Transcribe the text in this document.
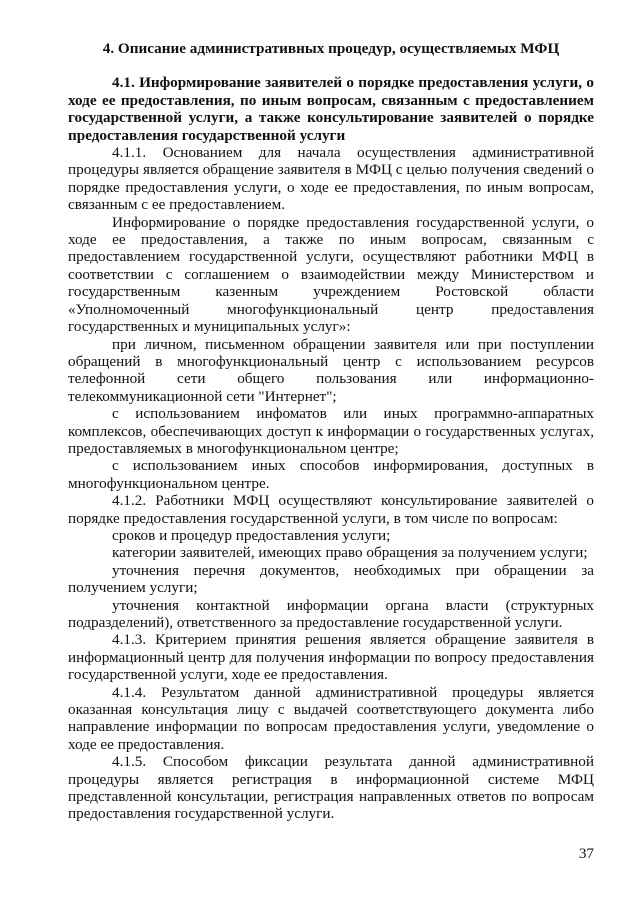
4. Описание административных процедур, осуществляемых МФЦ
4.1. Информирование заявителей о порядке предоставления услуги, о ходе ее предоставления, по иным вопросам, связанным с предоставлением государственной услуги, а также консультирование заявителей о порядке предоставления государственной услуги
4.1.1. Основанием для начала осуществления административной процедуры является обращение заявителя в МФЦ с целью получения сведений о порядке предоставления услуги, о ходе ее предоставления, по иным вопросам, связанным с ее предоставлением.
Информирование о порядке предоставления государственной услуги, о ходе ее предоставления, а также по иным вопросам, связанным с предоставлением государственной услуги, осуществляют работники МФЦ в соответствии с соглашением о взаимодействии между Министерством и государственным казенным учреждением Ростовской области «Уполномоченный многофункциональный центр предоставления государственных и муниципальных услуг»:
при личном, письменном обращении заявителя или при поступлении обращений в многофункциональный центр с использованием ресурсов телефонной сети общего пользования или информационно-телекоммуникационной сети "Интернет";
с использованием инфоматов или иных программно-аппаратных комплексов, обеспечивающих доступ к информации о государственных услугах, предоставляемых в многофункциональном центре;
с использованием иных способов информирования, доступных в многофункциональном центре.
4.1.2. Работники МФЦ осуществляют консультирование заявителей о порядке предоставления государственной услуги, в том числе по вопросам:
сроков и процедур предоставления услуги;
категории заявителей, имеющих право обращения за получением услуги;
уточнения перечня документов, необходимых при обращении за получением услуги;
уточнения контактной информации органа власти (структурных подразделений), ответственного за предоставление государственной услуги.
4.1.3. Критерием принятия решения является обращение заявителя в информационный центр для получения информации по вопросу предоставления государственной услуги, ходе ее предоставления.
4.1.4. Результатом данной административной процедуры является оказанная консультация лицу с выдачей соответствующего документа либо направление информации по вопросам предоставления услуги, уведомление о ходе ее предоставления.
4.1.5. Способом фиксации результата данной административной процедуры является регистрация в информационной системе МФЦ представленной консультации, регистрация направленных ответов по вопросам предоставления государственной услуги.
37
